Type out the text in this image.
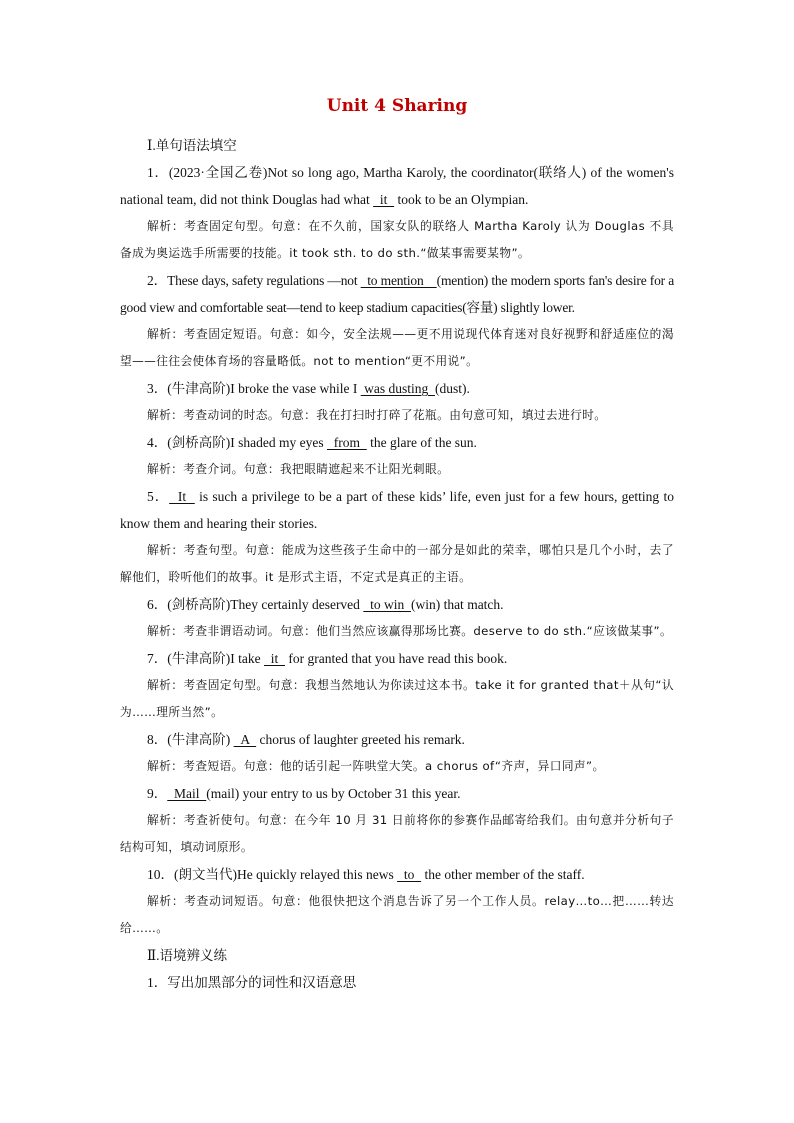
Unit 4 Sharing

Ⅰ.单句语法填空

1．(2023·全国乙卷)Not so long ago, Martha Karoly, the coordinator(联络人) of the women's national team, did not think Douglas had what   it   took to be an Olympian.

解析：考查固定句型。句意：在不久前，国家女队的联络人 Martha Karoly 认为 Douglas 不具备成为奥运选手所需要的技能。it took sth. to do sth.“做某事需要某物”。

2．These days, safety regulations —not   to mention    (mention) the modern sports fan's desire for a good view and comfortable seat—tend to keep stadium capacities(容量) slightly lower.

解析：考查固定短语。句意：如今，安全法规——更不用说现代体育迷对良好视野和舒适座位的渴望——往往会使体育场的容量略低。not to mention“更不用说”。

3．(牛津高阶)I broke the vase while I  was dusting  (dust).

解析：考查动词的时态。句意：我在打扫时打碎了花瓶。由句意可知，填过去进行时。

4．(剑桥高阶)I shaded my eyes   from   the glare of the sun.

解析：考查介词。句意：我把眼睛遮起来不让阳光刺眼。

5．  It   is such a privilege to be a part of these kids’ life, even just for a few hours, getting to know them and hearing their stories.

解析：考查句型。句意：能成为这些孩子生命中的一部分是如此的荣幸，哪怕只是几个小时，去了解他们，聆听他们的故事。it 是形式主语，不定式是真正的主语。

6．(剑桥高阶)They certainly deserved   to win  (win) that match.

解析：考查非谓语动词。句意：他们当然应该赢得那场比赛。deserve to do sth.“应该做某事”。

7．(牛津高阶)I take   it   for granted that you have read this book.

解析：考查固定句型。句意：我想当然地认为你读过这本书。take it for granted that＋从句“认为……理所当然”。

8．(牛津高阶)   A   chorus of laughter greeted his remark.

解析：考查短语。句意：他的话引起一阵哄堂大笑。a chorus of“齐声，异口同声”。

9．  Mail  (mail) your entry to us by October 31 this year.

解析：考查祈使句。句意：在今年 10 月 31 日前将你的参赛作品邮寄给我们。由句意并分析句子结构可知，填动词原形。

10．(朗文当代)He quickly relayed this news   to   the other member of the staff.

解析：考查动词短语。句意：他很快把这个消息告诉了另一个工作人员。relay…to…把……转达给……。

Ⅱ.语境辨义练

1．写出加黑部分的词性和汉语意思
